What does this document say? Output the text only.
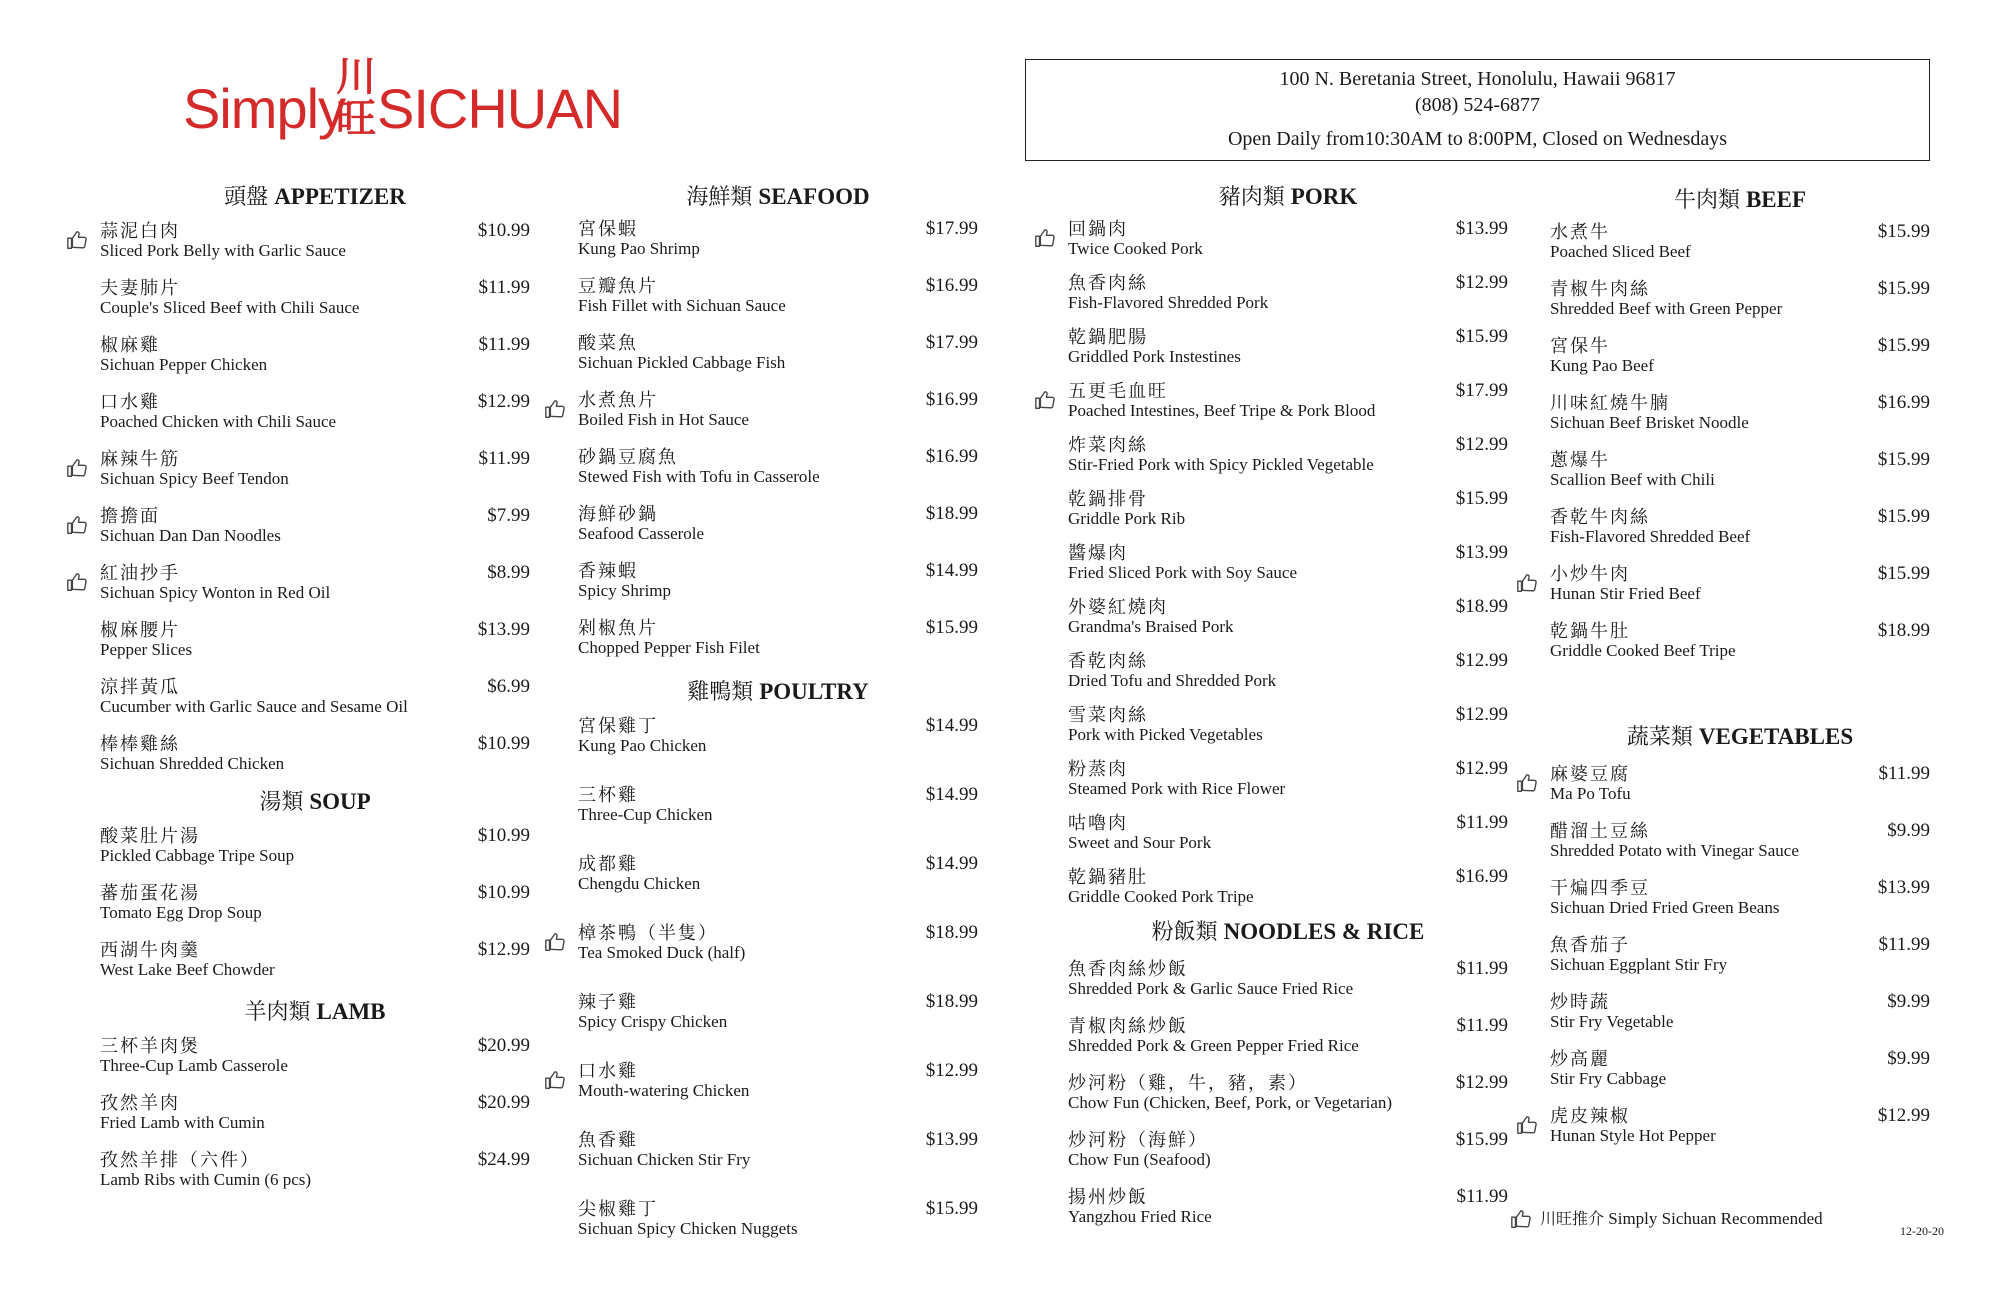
Simply
川旺 SICHUAN	100 N. Beretania Street, Honolulu, Hawaii 96817
(808) 524-6877
Open Daily from10:30AM to 8:00PM, Closed on Wednesdays
頭盤 APPETIZER
蒜泥白肉
Sliced Pork Belly with Garlic Sauce
$10.99
夫妻肺片
Couple's Sliced Beef with Chili Sauce
$11.99
椒麻雞
Sichuan Pepper Chicken
$11.99
口水雞
Poached Chicken with Chili Sauce
$12.99
麻辣牛筋
Sichuan Spicy Beef Tendon
$11.99
擔擔面
Sichuan Dan Dan Noodles
$7.99
紅油抄手
Sichuan Spicy Wonton in Red Oil
$8.99
椒麻腰片
Pepper Slices
$13.99
涼拌黃瓜
Cucumber with Garlic Sauce and Sesame Oil
$6.99
棒棒雞絲
Sichuan Shredded Chicken
$10.99
湯類 SOUP
酸菜肚片湯
Pickled Cabbage Tripe Soup
$10.99
蕃茄蛋花湯
Tomato Egg Drop Soup
$10.99
西湖牛肉羹
West Lake Beef Chowder
$12.99
羊肉類 LAMB
三杯羊肉煲
Three-Cup Lamb Casserole
$20.99
孜然羊肉
Fried Lamb with Cumin
$20.99
孜然羊排（六件）
Lamb Ribs with Cumin (6 pcs)
$24.99
海鮮類 SEAFOOD
宮保蝦
Kung Pao Shrimp
$17.99
豆瓣魚片
Fish Fillet with Sichuan Sauce
$16.99
酸菜魚
Sichuan Pickled Cabbage Fish
$17.99
水煮魚片
Boiled Fish in Hot Sauce
$16.99
砂鍋豆腐魚
Stewed Fish with Tofu in Casserole
$16.99
海鮮砂鍋
Seafood Casserole
$18.99
香辣蝦
Spicy Shrimp
$14.99
剁椒魚片
Chopped Pepper Fish Filet
$15.99
雞鴨類 POULTRY
宮保雞丁
Kung Pao Chicken
$14.99
三杯雞
Three-Cup Chicken
$14.99
成都雞
Chengdu Chicken
$14.99
樟茶鴨（半隻）
Tea Smoked Duck (half)
$18.99
辣子雞
Spicy Crispy Chicken
$18.99
口水雞
Mouth-watering Chicken
$12.99
魚香雞
Sichuan Chicken Stir Fry
$13.99
尖椒雞丁
Sichuan Spicy Chicken Nuggets
$15.99
豬肉類 PORK
回鍋肉
Twice Cooked Pork
$13.99
魚香肉絲
Fish-Flavored Shredded Pork
$12.99
乾鍋肥腸
Griddled Pork Instestines
$15.99
五更毛血旺
Poached Intestines, Beef Tripe & Pork Blood
$17.99
炸菜肉絲
Stir-Fried Pork with Spicy Pickled Vegetable
$12.99
乾鍋排骨
Griddle Pork Rib
$15.99
醬爆肉
Fried Sliced Pork with Soy Sauce
$13.99
外婆紅燒肉
Grandma's Braised Pork
$18.99
香乾肉絲
Dried Tofu and Shredded Pork
$12.99
雪菜肉絲
Pork with Picked Vegetables
$12.99
粉蒸肉
Steamed Pork with Rice Flower
$12.99
咕嚕肉
Sweet and Sour Pork
$11.99
乾鍋豬肚
Griddle Cooked Pork Tripe
$16.99
粉飯類 NOODLES & RICE
魚香肉絲炒飯
Shredded Pork & Garlic Sauce Fried Rice
$11.99
青椒肉絲炒飯
Shredded Pork & Green Pepper Fried Rice
$11.99
炒河粉（雞，牛，豬，素）
Chow Fun (Chicken, Beef, Pork, or Vegetarian)
$12.99
炒河粉（海鮮）
Chow Fun (Seafood)
$15.99
揚州炒飯
Yangzhou Fried Rice
$11.99
牛肉類 BEEF
水煮牛
Poached Sliced Beef
$15.99
青椒牛肉絲
Shredded Beef with Green Pepper
$15.99
宮保牛
Kung Pao Beef
$15.99
川味紅燒牛腩
Sichuan Beef Brisket Noodle
$16.99
蔥爆牛
Scallion Beef with Chili
$15.99
香乾牛肉絲
Fish-Flavored Shredded Beef
$15.99
小炒牛肉
Hunan Stir Fried Beef
$15.99
乾鍋牛肚
Griddle Cooked Beef Tripe
$18.99
蔬菜類 VEGETABLES
麻婆豆腐
Ma Po Tofu
$11.99
醋溜土豆絲
Shredded Potato with Vinegar Sauce
$9.99
干煸四季豆
Sichuan Dried Fried Green Beans
$13.99
魚香茄子
Sichuan Eggplant Stir Fry
$11.99
炒時蔬
Stir Fry Vegetable
$9.99
炒高麗
Stir Fry Cabbage
$9.99
虎皮辣椒
Hunan Style Hot Pepper
$12.99
川旺推介 Simply Sichuan Recommended
12-20-20
